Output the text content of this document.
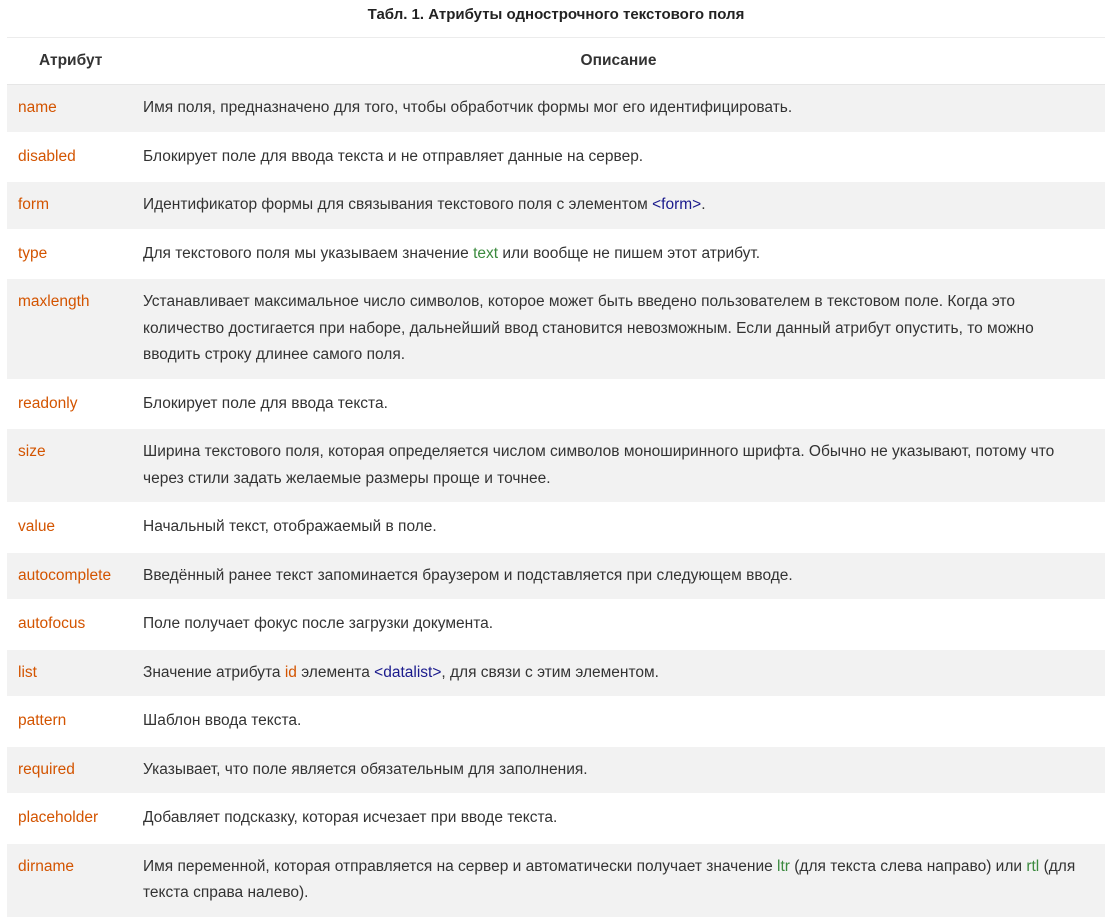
Табл. 1. Атрибуты однострочного текстового поля
Атрибут	Описание
name	Имя поля, предназначено для того, чтобы обработчик формы мог его идентифицировать.
disabled	Блокирует поле для ввода текста и не отправляет данные на сервер.
form	Идентификатор формы для связывания текстового поля с элементом <form>.
type	Для текстового поля мы указываем значение text или вообще не пишем этот атрибут.
maxlength	Устанавливает максимальное число символов, которое может быть введено пользователем в текстовом поле. Когда это количество достигается при наборе, дальнейший ввод становится невозможным. Если данный атрибут опустить, то можно вводить строку длинее самого поля.
readonly	Блокирует поле для ввода текста.
size	Ширина текстового поля, которая определяется числом символов моноширинного шрифта. Обычно не указывают, потому что через стили задать желаемые размеры проще и точнее.
value	Начальный текст, отображаемый в поле.
autocomplete	Введённый ранее текст запоминается браузером и подставляется при следующем вводе.
autofocus	Поле получает фокус после загрузки документа.
list	Значение атрибута id элемента <datalist>, для связи с этим элементом.
pattern	Шаблон ввода текста.
required	Указывает, что поле является обязательным для заполнения.
placeholder	Добавляет подсказку, которая исчезает при вводе текста.
dirname	Имя переменной, которая отправляется на сервер и автоматически получает значение ltr (для текста слева направо) или rtl (для текста справа налево).
